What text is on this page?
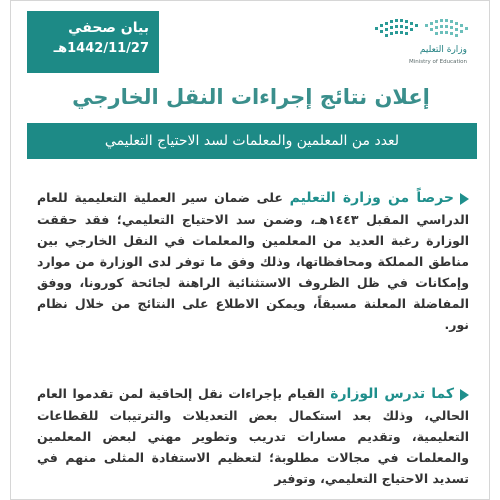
وزارة التعليم
Ministry of Education
بيان صحفي
1442/11/27هـ
إعلان نتائج إجراءات النقل الخارجي
لعدد من المعلمين والمعلمات لسد الاحتياج التعليمي
حرصاً من وزارة التعليم على ضمان سير العملية التعليمية للعام الدراسي المقبل ١٤٤٣هـ، وضمن سد الاحتياج التعليمي؛ فقد حققت الوزارة رغبة العديد من المعلمين والمعلمات في النقل الخارجي بين مناطق المملكة ومحافظاتها، وذلك وفق ما توفر لدى الوزارة من موارد وإمكانات في ظل الظروف الاستثنائية الراهنة لجائحة كورونا، ووفق المفاضلة المعلنة مسبقاً، ويمكن الاطلاع على النتائج من خلال نظام نور.
كما تدرس الوزارة القيام بإجراءات نقل إلحاقية لمن تقدموا العام الحالي، وذلك بعد استكمال بعض التعديلات والترتيبات للقطاعات التعليمية، وتقديم مسارات تدريب وتطوير مهني لبعض المعلمين والمعلمات في مجالات مطلوبة؛ لتعظيم الاستفادة المثلى منهم في تسديد الاحتياج التعليمي، وتوفير
